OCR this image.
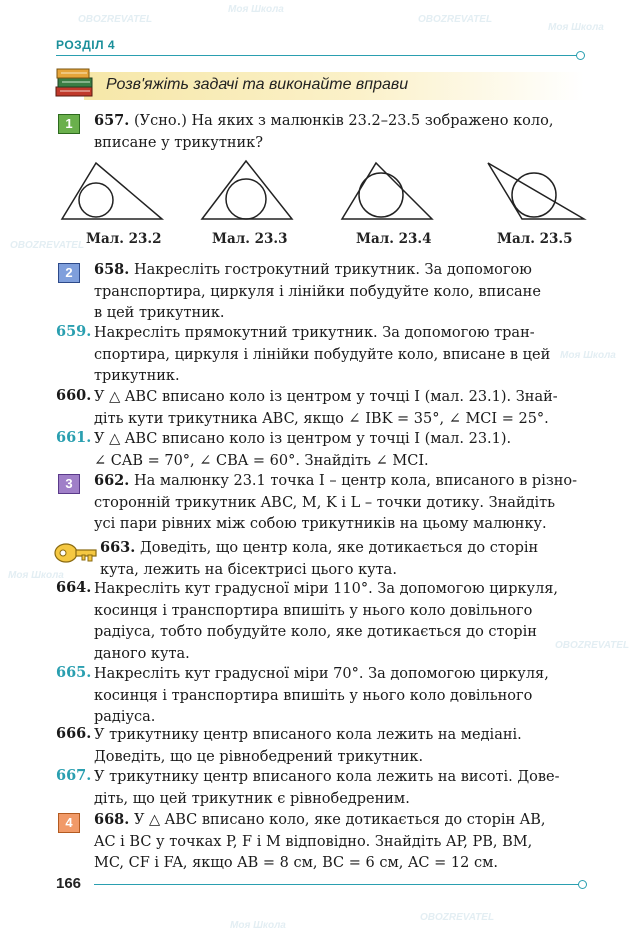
OBOZREVATEL
Моя Школа
OBOZREVATEL
Моя Школа
OBOZREVATEL
Моя Школа
Моя Школа
OBOZREVATEL
Моя Школа
OBOZREVATEL
РОЗДІЛ 4
Розв'яжіть задачі та виконайте вправи
1	657. (Усно.) На яких з малюнків 23.2–23.5 зображено коло,
вписане у трикутник?
Мал. 23.2	Мал. 23.3	Мал. 23.4	Мал. 23.5
2	658. Накресліть гострокутний трикутник. За допомогою
транспортира, циркуля і лінійки побудуйте коло, вписане
в цей трикутник.
659. Накресліть прямокутний трикутник. За допомогою тран-
спортира, циркуля і лінійки побудуйте коло, вписане в цей
трикутник.
660. У △ ABC вписано коло із центром у точці I (мал. 23.1). Знай-
діть кути трикутника ABC, якщо ∠ IBK = 35°, ∠ MCI = 25°.
661. У △ ABC вписано коло із центром у точці I (мал. 23.1).
∠ CAB = 70°, ∠ CBA = 60°. Знайдіть ∠ MCI.
3	662. На малюнку 23.1 точка I – центр кола, вписаного в різно-
сторонній трикутник ABC, M, K і L – точки дотику. Знайдіть
усі пари рівних між собою трикутників на цьому малюнку.
663. Доведіть, що центр кола, яке дотикається до сторін
кута, лежить на бісектрисі цього кута.
664. Накресліть кут градусної міри 110°. За допомогою циркуля,
косинця і транспортира впишіть у нього коло довільного
радіуса, тобто побудуйте коло, яке дотикається до сторін
даного кута.
665. Накресліть кут градусної міри 70°. За допомогою циркуля,
косинця і транспортира впишіть у нього коло довільного
радіуса.
666. У трикутнику центр вписаного кола лежить на медіані.
Доведіть, що це рівнобедрений трикутник.
667. У трикутнику центр вписаного кола лежить на висоті. Дове-
діть, що цей трикутник є рівнобедреним.
4	668. У △ ABC вписано коло, яке дотикається до сторін AB,
AC і BC у точках P, F і M відповідно. Знайдіть AP, PB, BM,
MC, CF і FA, якщо AB = 8 см, BC = 6 см, AC = 12 см.
166
